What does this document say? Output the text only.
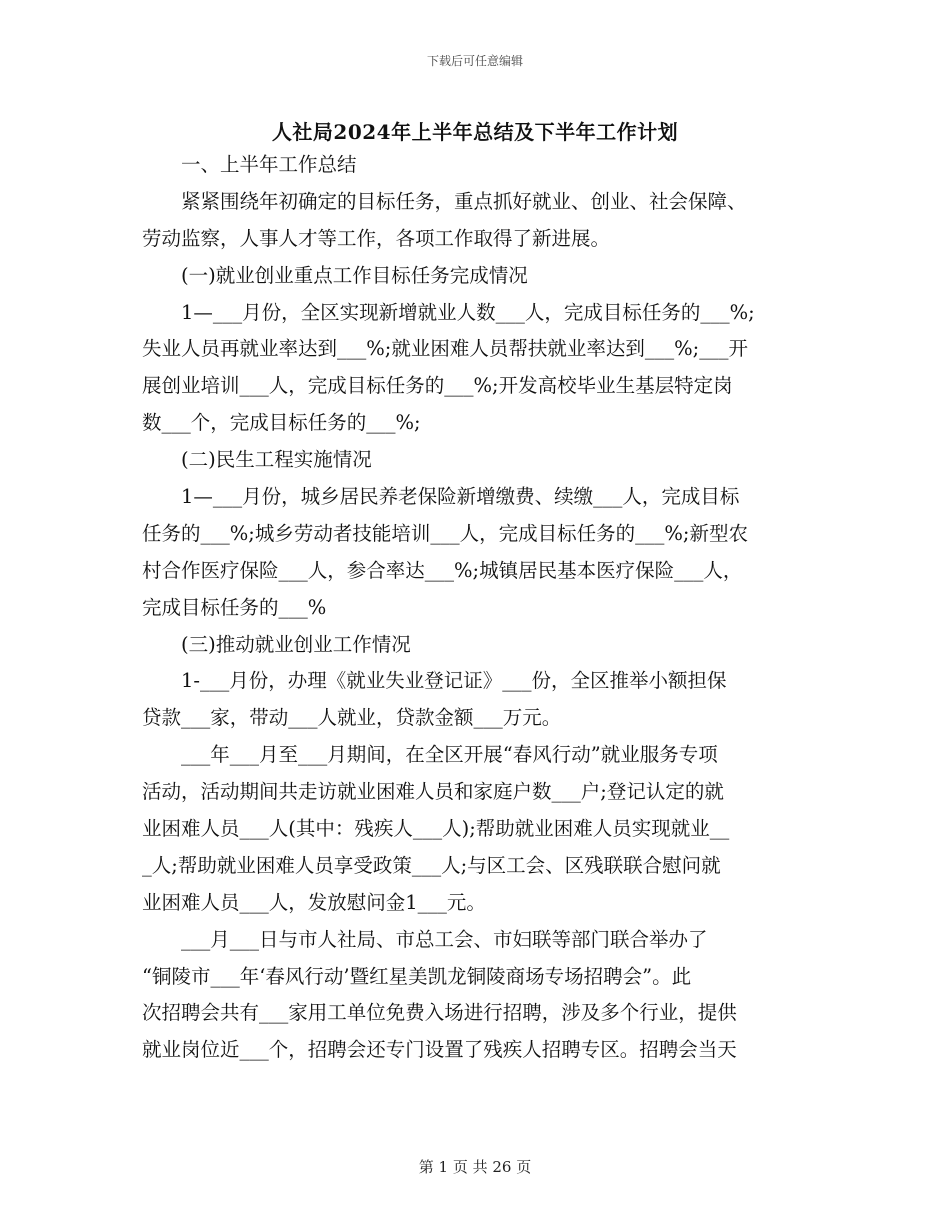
下载后可任意编辑
人社局2024年上半年总结及下半年工作计划
　　一、上半年工作总结
　　紧紧围绕年初确定的目标任务，重点抓好就业、创业、社会保障、
劳动监察，人事人才等工作，各项工作取得了新进展。
　　(一)就业创业重点工作目标任务完成情况
　　1—___月份，全区实现新增就业人数___人，完成目标任务的___%;
失业人员再就业率达到___%;就业困难人员帮扶就业率达到___%;___开
展创业培训___人，完成目标任务的___%;开发高校毕业生基层特定岗
数___个，完成目标任务的___%;
　　(二)民生工程实施情况
　　1—___月份，城乡居民养老保险新增缴费、续缴___人，完成目标
任务的___%;城乡劳动者技能培训___人，完成目标任务的___%;新型农
村合作医疗保险___人，参合率达___%;城镇居民基本医疗保险___人，
完成目标任务的___%
　　(三)推动就业创业工作情况
　　1-___月份，办理《就业失业登记证》___份，全区推举小额担保
贷款___家，带动___人就业，贷款金额___万元。
　　___年___月至___月期间，在全区开展“春风行动”就业服务专项
活动，活动期间共走访就业困难人员和家庭户数___户;登记认定的就
业困难人员___人(其中：残疾人___人);帮助就业困难人员实现就业__
_人;帮助就业困难人员享受政策___人;与区工会、区残联联合慰问就
业困难人员___人，发放慰问金1___元。
　　___月___日与市人社局、市总工会、市妇联等部门联合举办了
“铜陵市___年‘春风行动’暨红星美凯龙铜陵商场专场招聘会”。此
次招聘会共有___家用工单位免费入场进行招聘，涉及多个行业，提供
就业岗位近___个，招聘会还专门设置了残疾人招聘专区。招聘会当天
第 1 页 共 26 页
